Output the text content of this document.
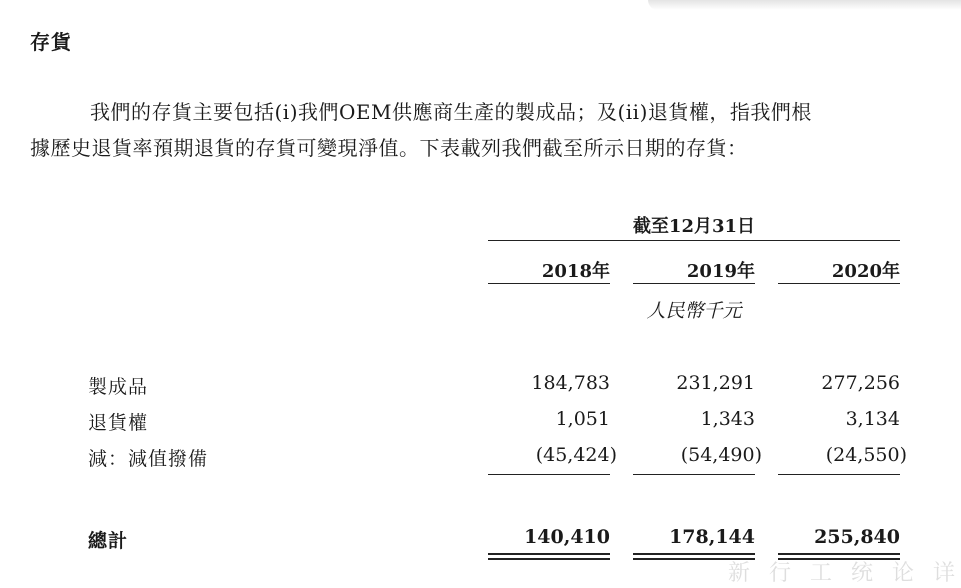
存貨
我們的存貨主要包括(i)我們OEM供應商生產的製成品；及(ii)退貨權，指我們根
據歷史退貨率預期退貨的存貨可變現淨值。下表載列我們截至所示日期的存貨：
截至12月31日
2018年	2019年	2020年
人民幣千元
製成品	184,783	231,291	277,256
退貨權	1,051	1,343	3,134
減：減值撥備	(45,424)	(54,490)	(24,550)
總計	140,410	178,144	255,840
新 行 工 统 论 详
